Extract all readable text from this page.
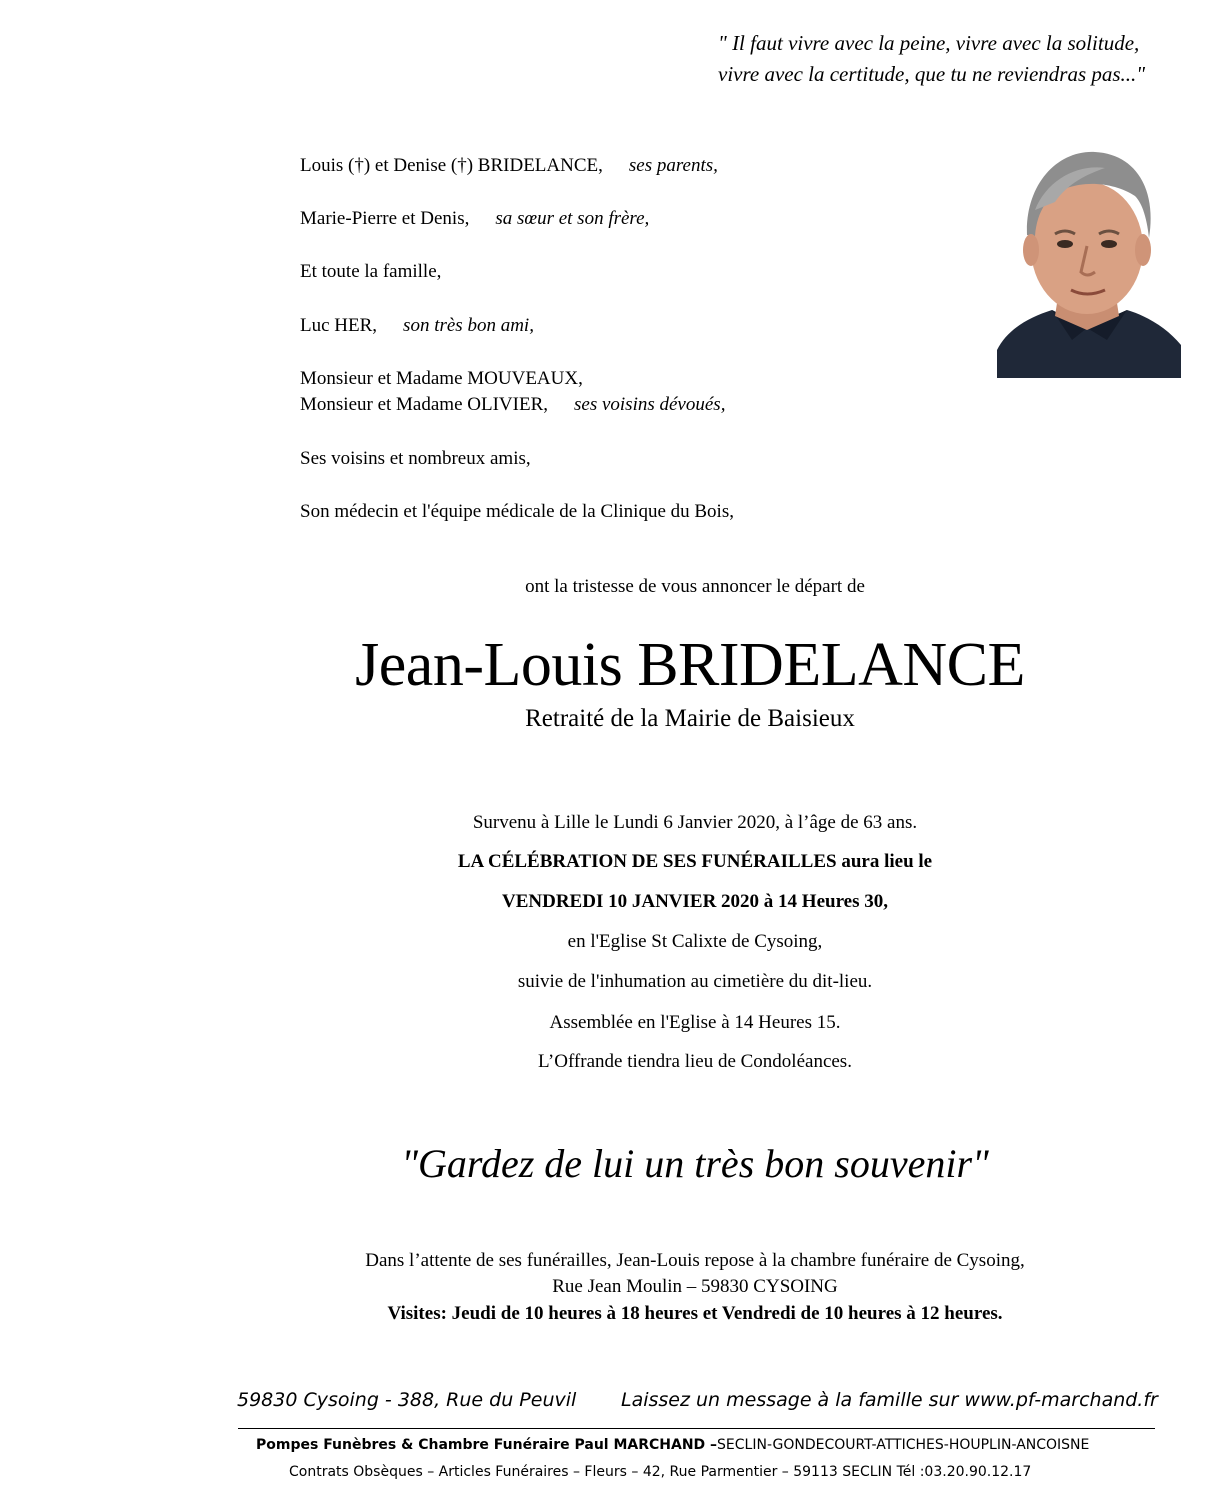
" Il faut vivre avec la peine, vivre avec la solitude,
vivre avec la certitude, que tu ne reviendras pas..."
Louis (†) et Denise (†) BRIDELANCE, ses parents,
Marie-Pierre et Denis, sa sœur et son frère,
Et toute la famille,
Luc HER, son très bon ami,
Monsieur et Madame MOUVEAUX,
Monsieur et Madame OLIVIER, ses voisins dévoués,
Ses voisins et nombreux amis,
Son médecin et l'équipe médicale de la Clinique du Bois,
ont la tristesse de vous annoncer le départ de
Jean-Louis BRIDELANCE
Retraité de la Mairie de Baisieux
Survenu à Lille le Lundi 6 Janvier 2020, à l’âge de 63 ans.
LA CÉLÉBRATION DE SES FUNÉRAILLES aura lieu le
VENDREDI 10 JANVIER 2020 à 14 Heures 30,
en l'Eglise St Calixte de Cysoing,
suivie de l'inhumation au cimetière du dit-lieu.
Assemblée en l'Eglise à 14 Heures 15.
L’Offrande tiendra lieu de Condoléances.
"Gardez de lui un très bon souvenir"
Dans l’attente de ses funérailles, Jean-Louis repose à la chambre funéraire de Cysoing,
Rue Jean Moulin – 59830 CYSOING
Visites: Jeudi de 10 heures à 18 heures et Vendredi de 10 heures à 12 heures.
59830 Cysoing - 388, Rue du Peuvil Laissez un message à la famille sur www.pf-marchand.fr
Pompes Funèbres & Chambre Funéraire Paul MARCHAND –SECLIN-GONDECOURT-ATTICHES-HOUPLIN-ANCOISNE
Contrats Obsèques – Articles Funéraires – Fleurs – 42, Rue Parmentier – 59113 SECLIN Tél :03.20.90.12.17
